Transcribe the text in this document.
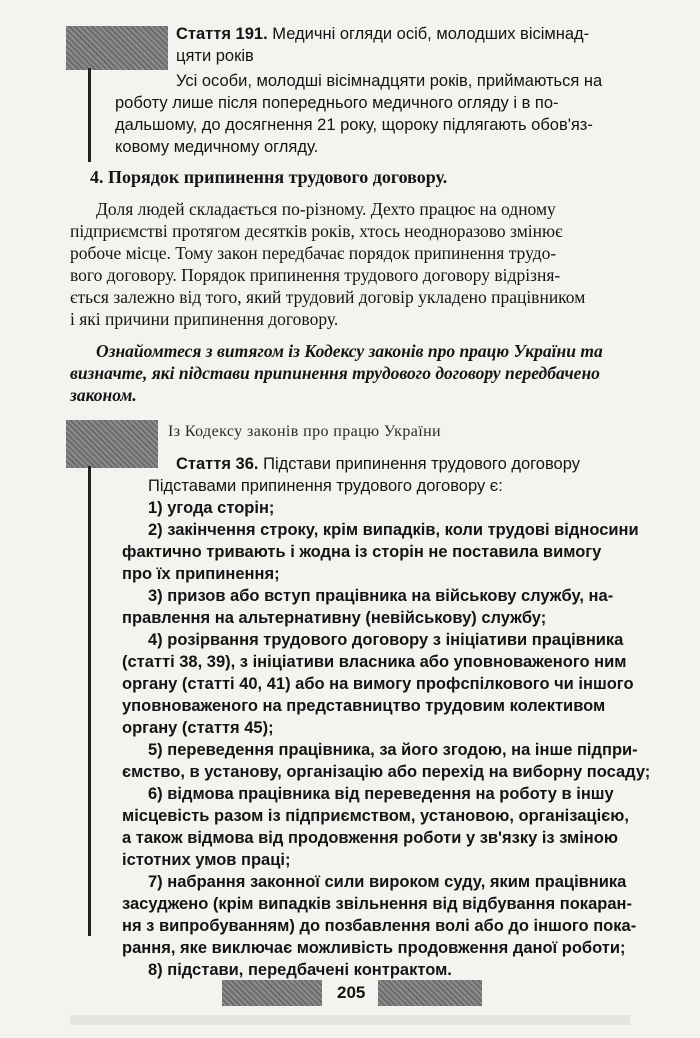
Стаття 191. Медичні огляди осіб, молодших вісімнад-
цяти років
Усі особи, молодші вісімнадцяти років, приймаються на
роботу лише після попереднього медичного огляду і в по-
дальшому, до досягнення 21 року, щороку підлягають обов'яз-
ковому медичному огляду.
4. Порядок припинення трудового договору.
Доля людей складається по-різному. Дехто працює на одному
підприємстві протягом десятків років, хтось неодноразово змінює
робоче місце. Тому закон передбачає порядок припинення трудо-
вого договору. Порядок припинення трудового договору відрізня-
ється залежно від того, який трудовий договір укладено працівником
і які причини припинення договору.
Ознайомтеся з витягом із Кодексу законів про працю України та
визначте, які підстави припинення трудового договору передбачено
законом.
Із Кодексу законів про працю України
Стаття 36. Підстави припинення трудового договору
Підставами припинення трудового договору є:
1) угода сторін;
2) закінчення строку, крім випадків, коли трудові відносини
фактично тривають і жодна із сторін не поставила вимогу
про їх припинення;
3) призов або вступ працівника на військову службу, на-
правлення на альтернативну (невійськову) службу;
4) розірвання трудового договору з ініціативи працівника
(статті 38, 39), з ініціативи власника або уповноваженого ним
органу (статті 40, 41) або на вимогу профспілкового чи іншого
уповноваженого на представництво трудовим колективом
органу (стаття 45);
5) переведення працівника, за його згодою, на інше підпри-
ємство, в установу, організацію або перехід на виборну посаду;
6) відмова працівника від переведення на роботу в іншу
місцевість разом із підприємством, установою, організацією,
а також відмова від продовження роботи у зв'язку із зміною
істотних умов праці;
7) набрання законної сили вироком суду, яким працівника
засуджено (крім випадків звільнення від відбування покаран-
ня з випробуванням) до позбавлення волі або до іншого пока-
рання, яке виключає можливість продовження даної роботи;
8) підстави, передбачені контрактом.
205
